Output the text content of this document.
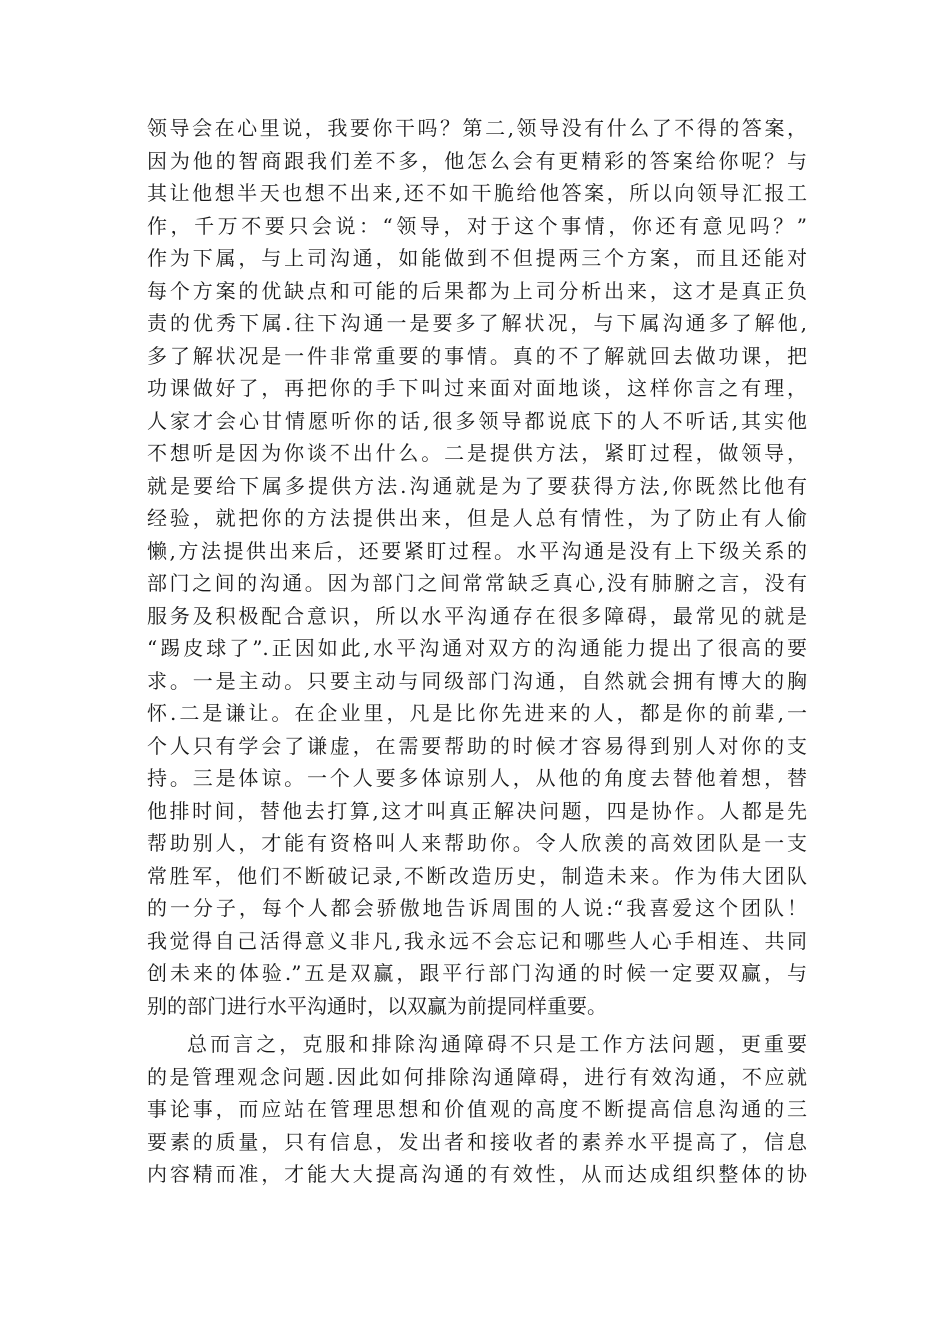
领导会在心里说，我要你干吗？第二,领导没有什么了不得的答案，
因为他的智商跟我们差不多，他怎么会有更精彩的答案给你呢？与
其让他想半天也想不出来,还不如干脆给他答案，所以向领导汇报工
作，千万不要只会说：“领导，对于这个事情，你还有意见吗？”
作为下属，与上司沟通，如能做到不但提两三个方案，而且还能对
每个方案的优缺点和可能的后果都为上司分析出来，这才是真正负
责的优秀下属.往下沟通一是要多了解状况，与下属沟通多了解他,
多了解状况是一件非常重要的事情。真的不了解就回去做功课，把
功课做好了，再把你的手下叫过来面对面地谈，这样你言之有理，
人家才会心甘情愿听你的话,很多领导都说底下的人不听话,其实他
不想听是因为你谈不出什么。二是提供方法，紧盯过程，做领导，
就是要给下属多提供方法.沟通就是为了要获得方法,你既然比他有
经验，就把你的方法提供出来，但是人总有情性，为了防止有人偷
懒,方法提供出来后，还要紧盯过程。水平沟通是没有上下级关系的
部门之间的沟通。因为部门之间常常缺乏真心,没有肺腑之言，没有
服务及积极配合意识，所以水平沟通存在很多障碍，最常见的就是
“踢皮球了”.正因如此,水平沟通对双方的沟通能力提出了很高的要
求。一是主动。只要主动与同级部门沟通，自然就会拥有博大的胸
怀.二是谦让。在企业里，凡是比你先进来的人，都是你的前辈,一
个人只有学会了谦虚，在需要帮助的时候才容易得到别人对你的支
持。三是体谅。一个人要多体谅别人，从他的角度去替他着想，替
他排时间，替他去打算,这才叫真正解决问题，四是协作。人都是先
帮助别人，才能有资格叫人来帮助你。令人欣羡的高效团队是一支
常胜军，他们不断破记录,不断改造历史，制造未来。作为伟大团队
的一分子，每个人都会骄傲地告诉周围的人说:“我喜爱这个团队！
我觉得自己活得意义非凡,我永远不会忘记和哪些人心手相连、共同
创未来的体验.”五是双赢，跟平行部门沟通的时候一定要双赢，与
别的部门进行水平沟通时，以双赢为前提同样重要。
总而言之，克服和排除沟通障碍不只是工作方法问题，更重要
的是管理观念问题.因此如何排除沟通障碍，进行有效沟通，不应就
事论事，而应站在管理思想和价值观的高度不断提高信息沟通的三
要素的质量，只有信息，发出者和接收者的素养水平提高了，信息
内容精而准，才能大大提高沟通的有效性，从而达成组织整体的协
